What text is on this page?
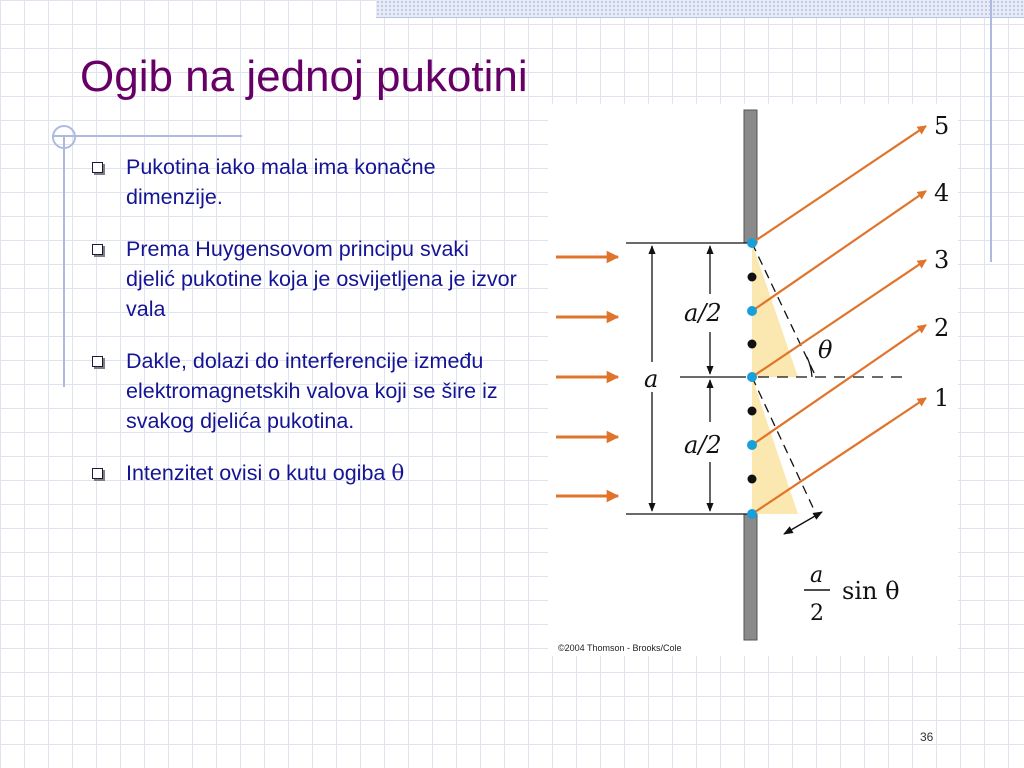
Ogib na jednoj pukotini
Pukotina iako mala ima konačne dimenzije.
Prema Huygensovom principu svaki djelić pukotine koja je osvijetljena je izvor vala
Dakle, dolazi do interferencije između elektromagnetskih valova koji se šire iz svakog djelića pukotina.
Intenzitet ovisi o kutu ogiba θ
5
4
3
2
1
a
a/2
a/2
θ
a
2
sin θ
©2004 Thomson - Brooks/Cole
36
